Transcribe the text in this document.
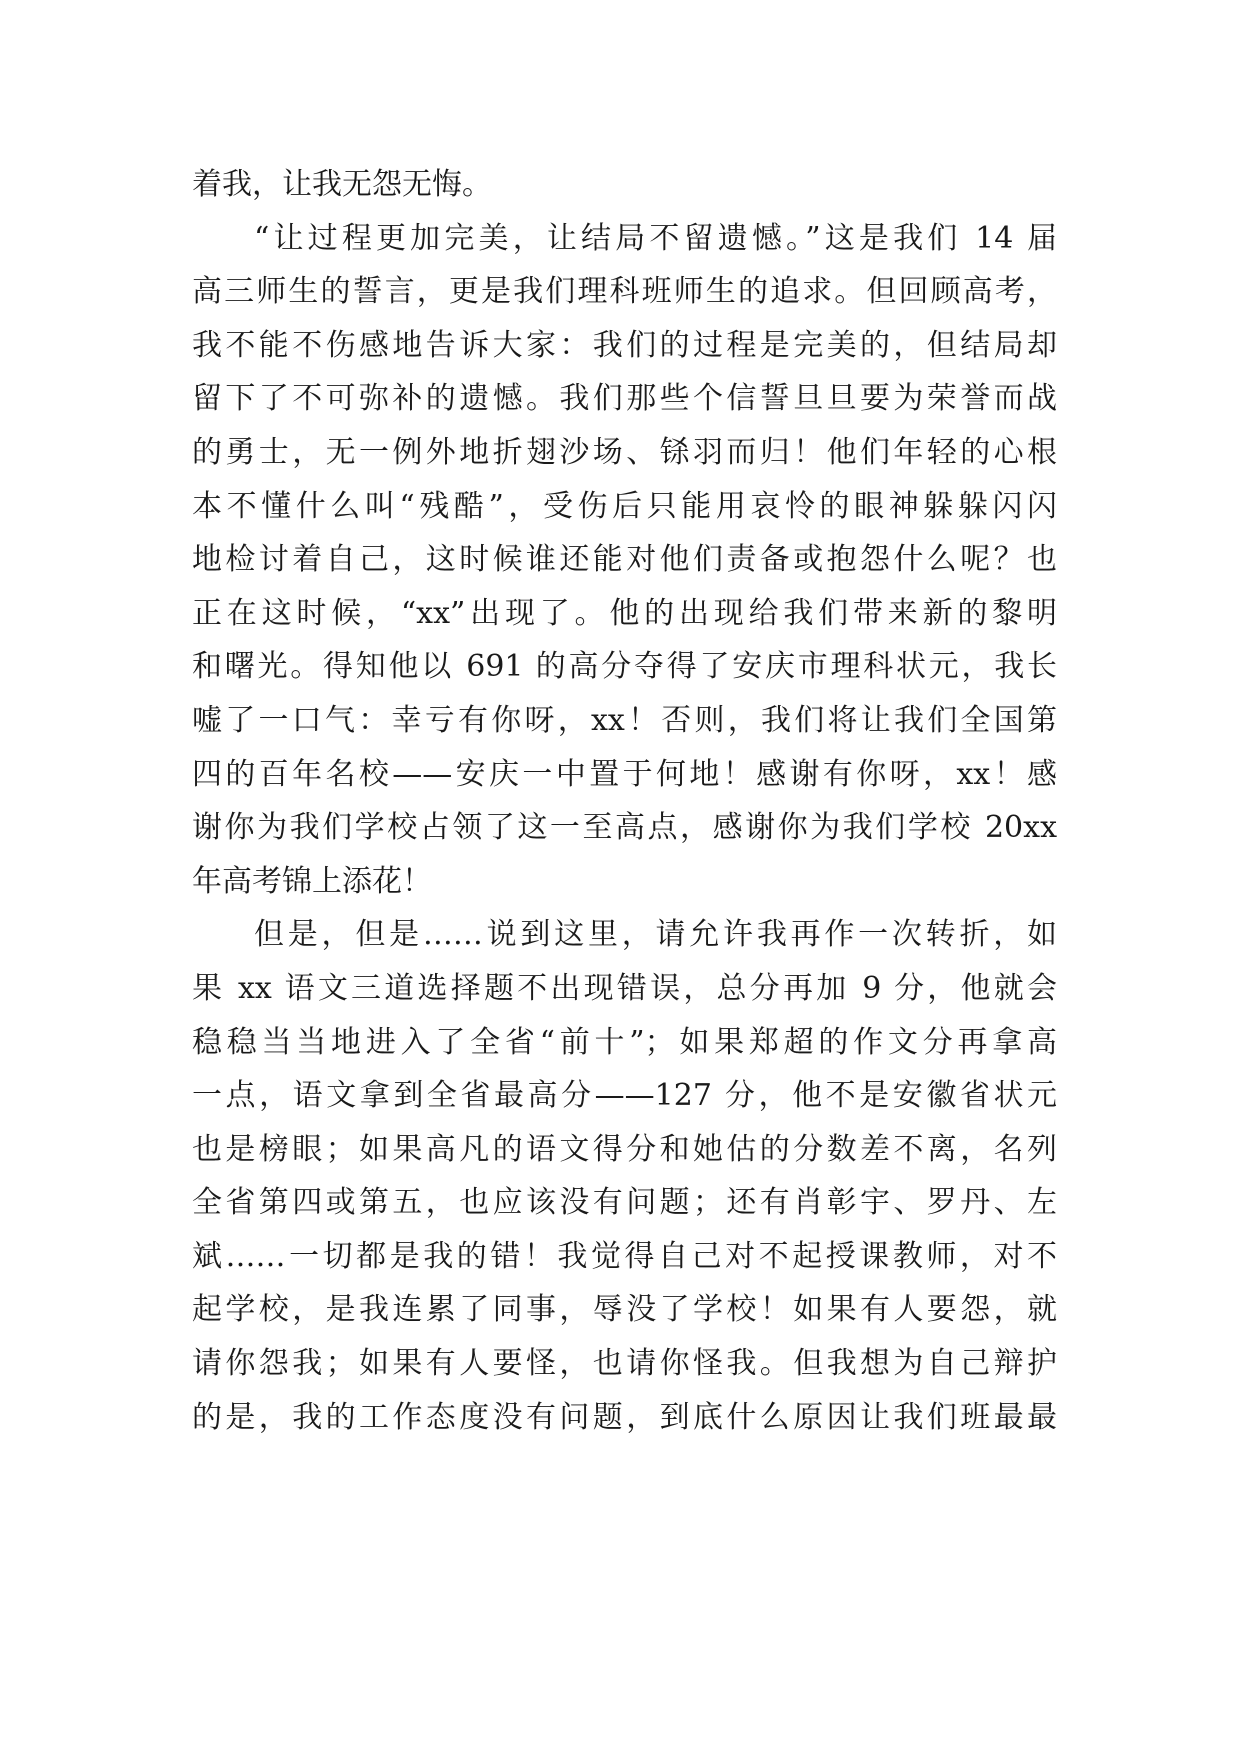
着我，让我无怨无悔。
“让过程更加完美，让结局不留遗憾。”这是我们 14 届
高三师生的誓言，更是我们理科班师生的追求。但回顾高考，
我不能不伤感地告诉大家：我们的过程是完美的，但结局却
留下了不可弥补的遗憾。我们那些个信誓旦旦要为荣誉而战
的勇士，无一例外地折翅沙场、铩羽而归！他们年轻的心根
本不懂什么叫“残酷”，受伤后只能用哀怜的眼神躲躲闪闪
地检讨着自己，这时候谁还能对他们责备或抱怨什么呢？也
正在这时候，“xx”出现了。他的出现给我们带来新的黎明
和曙光。得知他以 691 的高分夺得了安庆市理科状元，我长
嘘了一口气：幸亏有你呀，xx！否则，我们将让我们全国第
四的百年名校——安庆一中置于何地！感谢有你呀，xx！感
谢你为我们学校占领了这一至高点，感谢你为我们学校 20xx
年高考锦上添花！
但是，但是……说到这里，请允许我再作一次转折，如
果 xx 语文三道选择题不出现错误，总分再加 9 分，他就会
稳稳当当地进入了全省“前十”；如果郑超的作文分再拿高
一点，语文拿到全省最高分——127 分，他不是安徽省状元
也是榜眼；如果高凡的语文得分和她估的分数差不离，名列
全省第四或第五，也应该没有问题；还有肖彰宇、罗丹、左
斌……一切都是我的错！我觉得自己对不起授课教师，对不
起学校，是我连累了同事，辱没了学校！如果有人要怨，就
请你怨我；如果有人要怪，也请你怪我。但我想为自己辩护
的是，我的工作态度没有问题，到底什么原因让我们班最最
